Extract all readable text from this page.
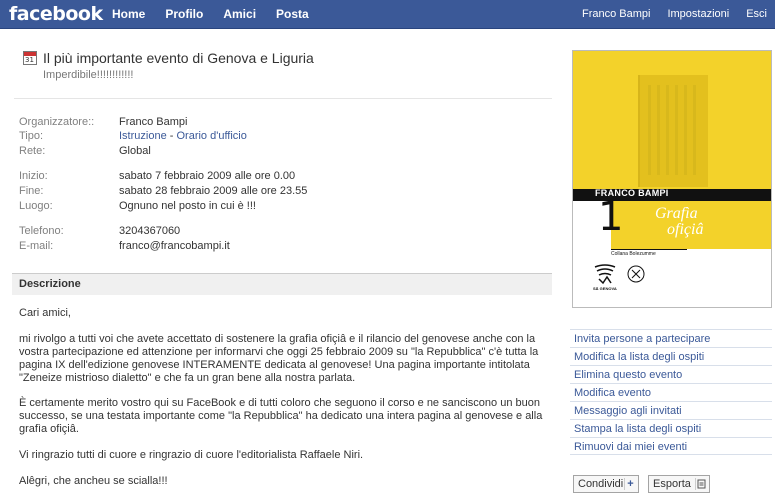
facebook Home Profilo Amici Posta	Franco Bampi Impostazioni Esci
31 Il più importante evento di Genova e Liguria
Imperdibile!!!!!!!!!!!!
Organizzatore:: Franco Bampi
Tipo:	Istruzione - Orario d'ufficio
Rete:	Global
Inizio:	sabato 7 febbraio 2009 alle ore 0.00
Fine:	sabato 28 febbraio 2009 alle ore 23.55
Luogo:	Ognuno nel posto in cui è !!!
Telefono:	3204367060
E-mail:	franco@francobampi.it
Descrizione
Cari amici,
mi rivolgo a tutti voi che avete accettato di sostenere la grafìa ofiçiâ e il rilancio del genovese anche con la vostra partecipazione ed attenzione per informarvi che oggi 25 febbraio 2009 su "la Repubblica" c'è tutta la pagina IX dell'edizione genovese INTERAMENTE dedicata al genovese! Una pagina importante intitolata "Zeneize mistrioso dialetto" e che fa un gran bene alla nostra parlata.
È certamente merito vostro qui su FaceBook e di tutti coloro che seguono il corso e ne sanciscono un buon successo, se una testata importante come "la Repubblica" ha dedicato una intera pagina al genovese e alla grafìa ofiçiâ.
Vi ringrazio tutti di cuore e ringrazio di cuore l'editorialista Raffaele Niri.
Alêgri, che ancheu se scialla!!!
FRANCO BAMPI
1 Grafìa
ofiçiâ
Collana Bolezumme
SÄ GENOVA
Invita persone a partecipare
Modifica la lista degli ospiti
Elimina questo evento
Modifica evento
Messaggio agli invitati
Stampa la lista degli ospiti
Rimuovi dai miei eventi
Condividi +	Esporta
